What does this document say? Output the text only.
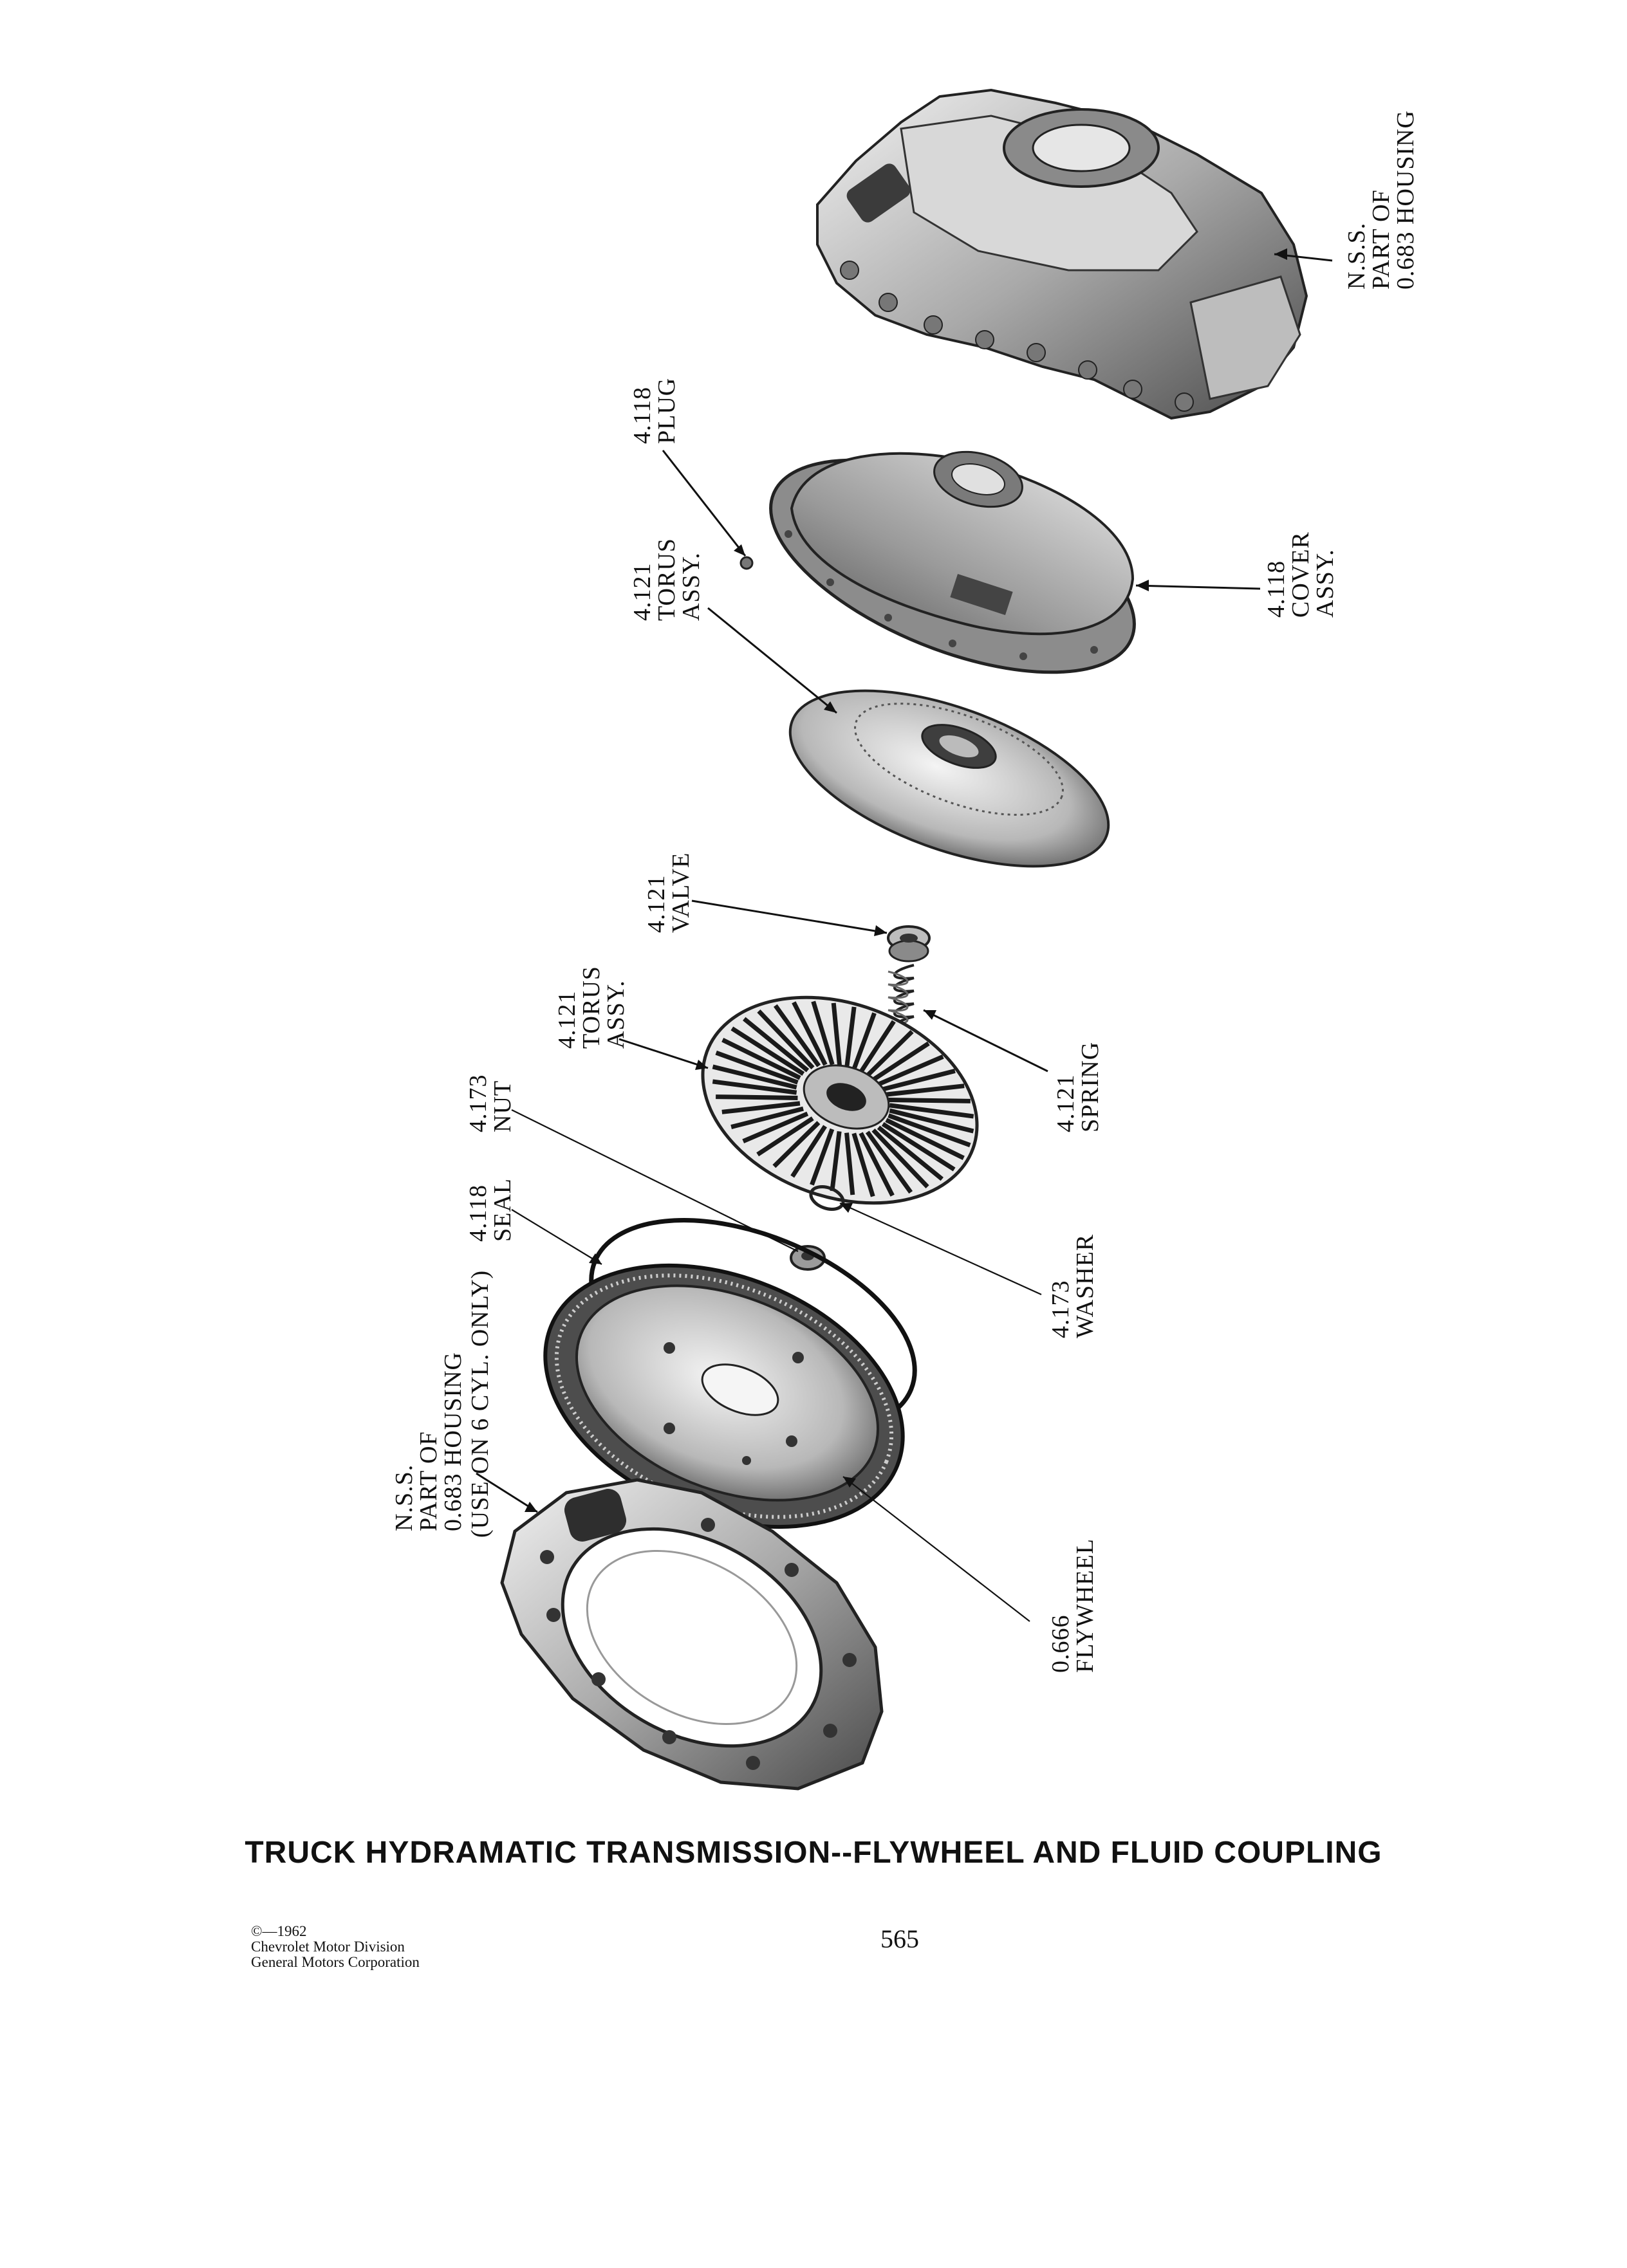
N.S.S.
PART OF
0.683 HOUSING
4.118
PLUG
4.121
TORUS
ASSY.	4.118
COVER
ASSY.
4.121
VALVE
4.121
TORUS
ASSY.
4.121
SPRING
4.173
NUT
4.118
SEAL
4.173
WASHER
N.S.S.
PART OF
0.683 HOUSING (USE ON 6 CYL. ONLY)
0.666
FLYWHEEL
TRUCK HYDRAMATIC TRANSMISSION--FLYWHEEL AND FLUID COUPLING
©—1962
Chevrolet Motor Division
General Motors Corporation
565
